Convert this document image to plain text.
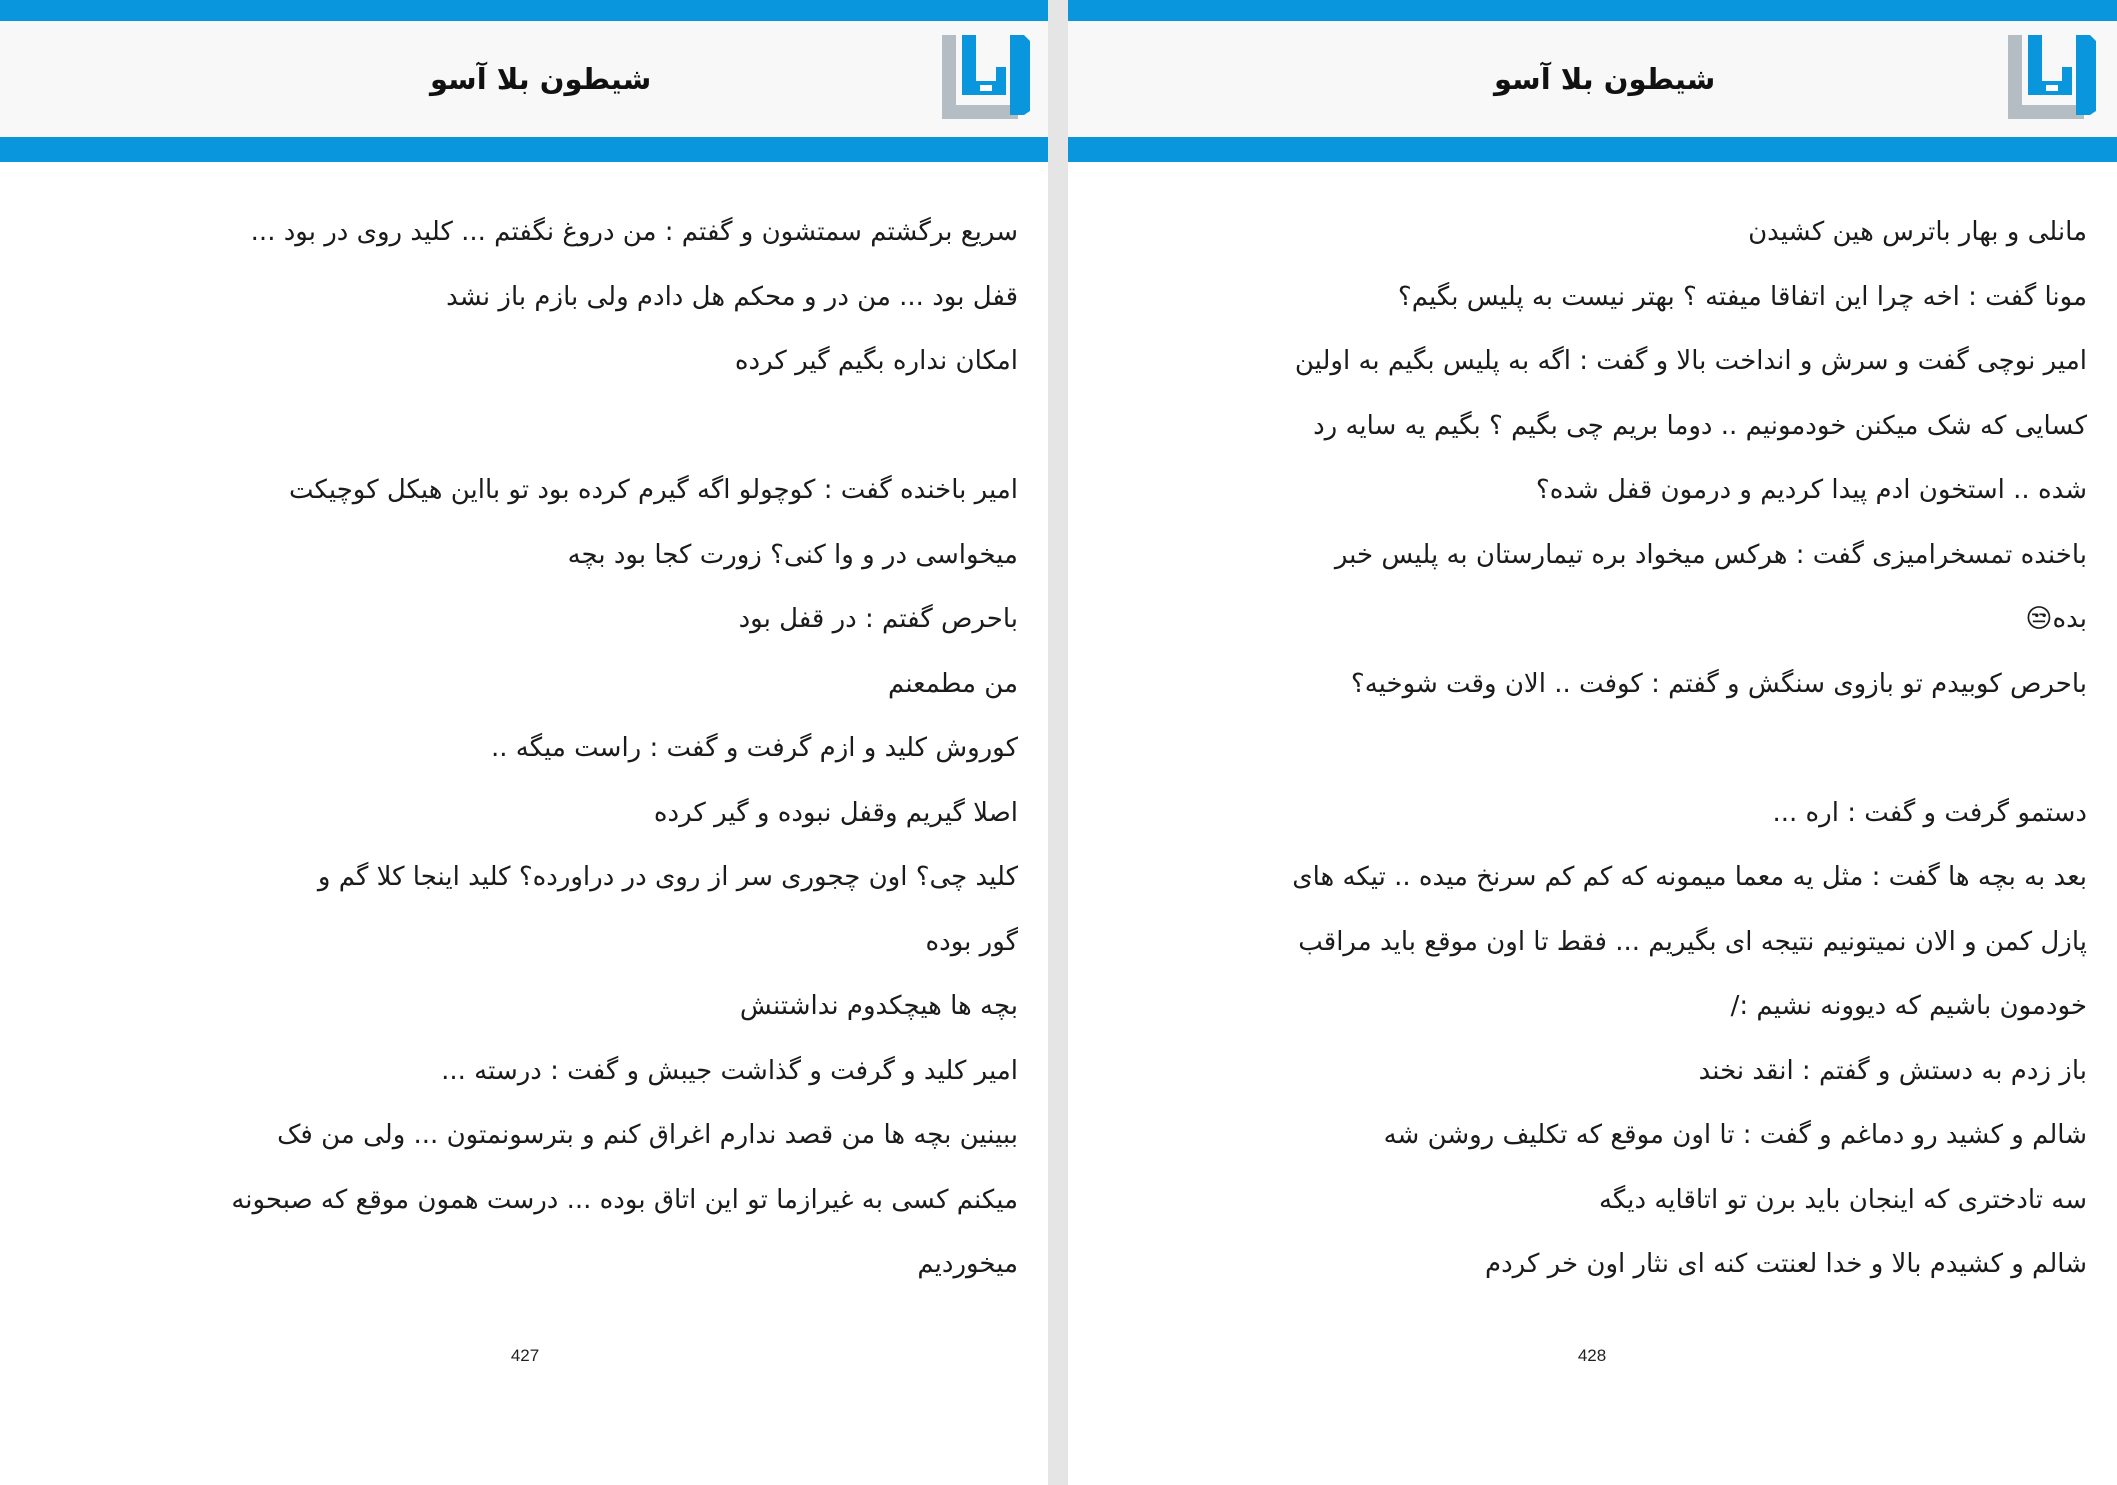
شیطون بلا آسو
سریع برگشتم سمتشون و گفتم : من دروغ نگفتم ... کلید روی در بود ...
قفل بود ... من در و محکم هل دادم ولی بازم باز نشد
امکان نداره بگیم گیر کرده
امیر باخنده گفت : کوچولو اگه گیرم کرده بود تو بااین هیکل کوچیکت
میخواسی در و وا کنی؟ زورت کجا بود بچه
باحرص گفتم : در قفل بود
من مطمعنم
کوروش کلید و ازم گرفت و گفت : راست میگه ..
اصلا گیریم وقفل نبوده و گیر کرده
کلید چی؟ اون چجوری سر از روی در دراورده؟ کلید اینجا کلا گم و
گور بوده
بچه ها هیچکدوم نداشتنش
امیر کلید و گرفت و گذاشت جیبش و گفت : درسته ...
ببینین بچه ها من قصد ندارم اغراق کنم و بترسونمتون ... ولی من فک
میکنم کسی به غیرازما تو این اتاق بوده ... درست همون موقع که صبحونه
میخوردیم
427
شیطون بلا آسو
مانلی و بهار باترس هین کشیدن
مونا گفت : اخه چرا این اتفاقا میفته ؟ بهتر نیست به پلیس بگیم؟
امیر نوچی گفت و سرش و انداخت بالا و گفت : اگه به پلیس بگیم به اولین
کسایی که شک میکنن خودمونیم .. دوما بریم چی بگیم ؟ بگیم یه سایه رد
شده .. استخون ادم پیدا کردیم و درمون قفل شده؟
باخنده تمسخرامیزی گفت : هرکس میخواد بره تیمارستان به پلیس خبر
بده😒
باحرص کوبیدم تو بازوی سنگش و گفتم : کوفت .. الان وقت شوخیه؟
دستمو گرفت و گفت : اره ...
بعد به بچه ها گفت : مثل یه معما میمونه که کم کم سرنخ میده .. تیکه های
پازل کمن و الان نمیتونیم نتیجه ای بگیریم ... فقط تا اون موقع باید مراقب
خودمون باشیم که دیوونه نشیم :/
باز زدم به دستش و گفتم : انقد نخند
شالم و کشید رو دماغم و گفت : تا اون موقع که تکلیف روشن شه
سه تادختری که اینجان باید برن تو اتاقایه دیگه
شالم و کشیدم بالا و خدا لعنتت کنه ای نثار اون خر کردم
428
